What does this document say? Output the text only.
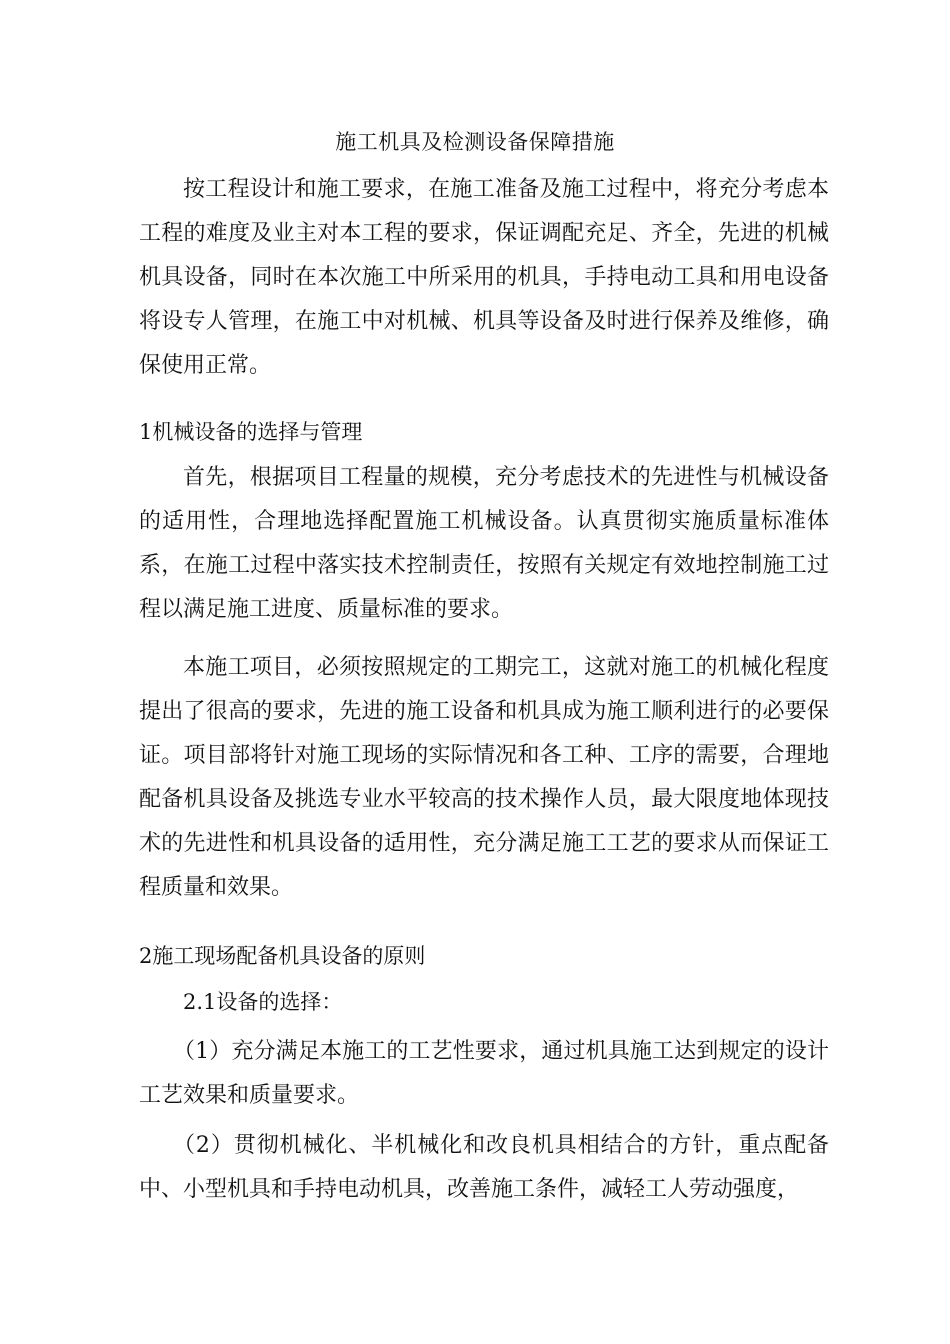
施工机具及检测设备保障措施

按工程设计和施工要求，在施工准备及施工过程中，将充分考虑本工程的难度及业主对本工程的要求，保证调配充足、齐全，先进的机械机具设备，同时在本次施工中所采用的机具，手持电动工具和用电设备将设专人管理，在施工中对机械、机具等设备及时进行保养及维修，确保使用正常。

1机械设备的选择与管理

首先，根据项目工程量的规模，充分考虑技术的先进性与机械设备的适用性，合理地选择配置施工机械设备。认真贯彻实施质量标准体系，在施工过程中落实技术控制责任，按照有关规定有效地控制施工过程以满足施工进度、质量标准的要求。

本施工项目，必须按照规定的工期完工，这就对施工的机械化程度提出了很高的要求，先进的施工设备和机具成为施工顺利进行的必要保证。项目部将针对施工现场的实际情况和各工种、工序的需要，合理地配备机具设备及挑选专业水平较高的技术操作人员，最大限度地体现技术的先进性和机具设备的适用性，充分满足施工工艺的要求从而保证工程质量和效果。

2施工现场配备机具设备的原则
2.1设备的选择：

（1）充分满足本施工的工艺性要求，通过机具施工达到规定的设计工艺效果和质量要求。

（2）贯彻机械化、半机械化和改良机具相结合的方针，重点配备中、小型机具和手持电动机具，改善施工条件，减轻工人劳动强度，
